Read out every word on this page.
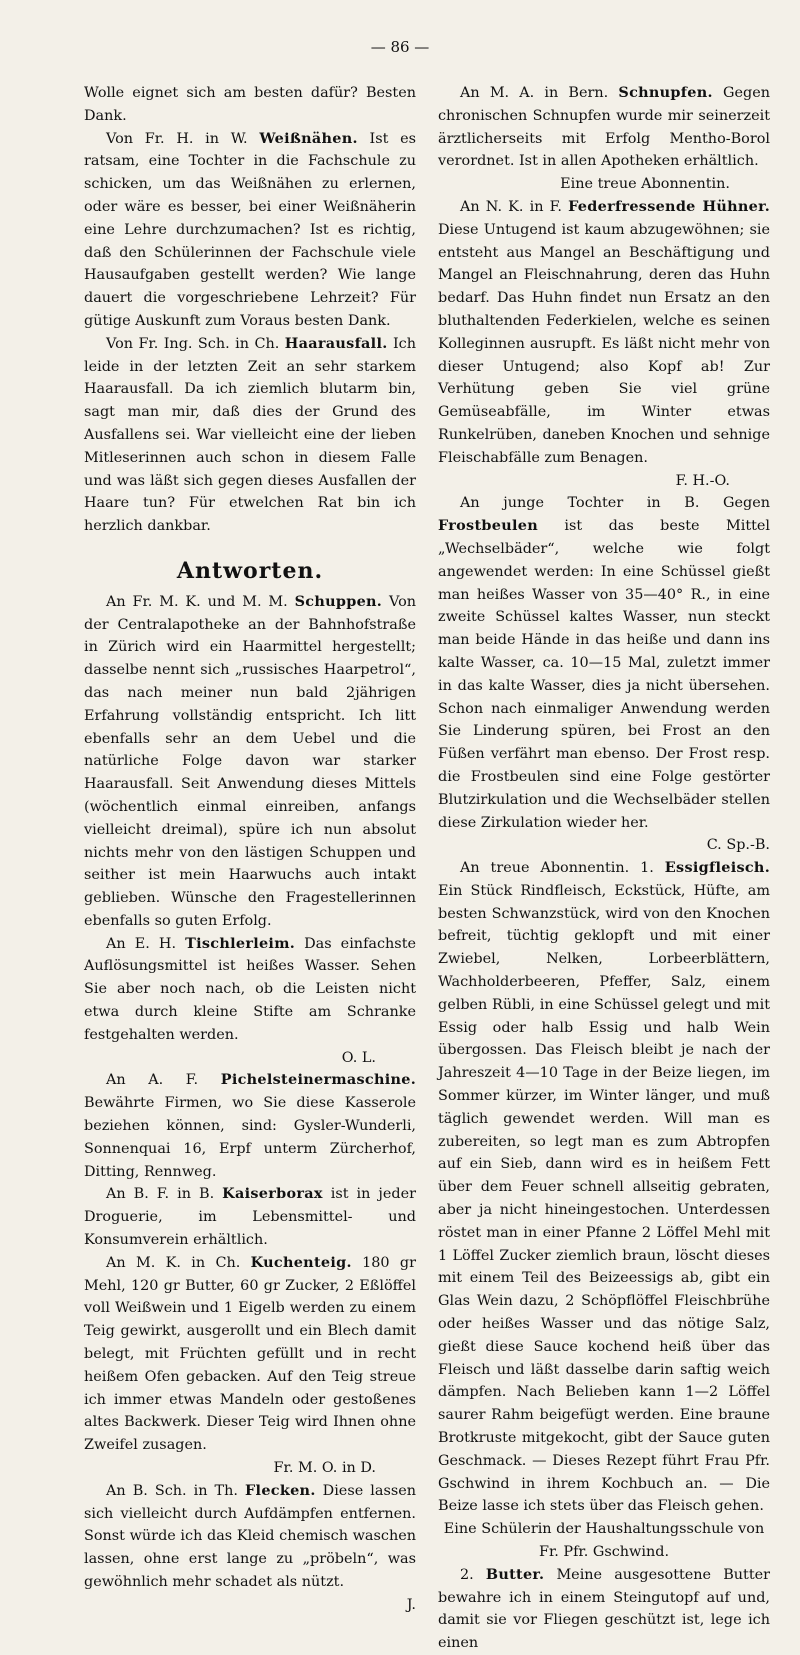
— 86 —

Wolle eignet sich am besten dafür? Besten Dank.

Von Fr. H. in W. Weißnähen. Ist es ratsam, eine Tochter in die Fachschule zu schicken, um das Weißnähen zu erlernen, oder wäre es besser, bei einer Weißnäherin eine Lehre durchzumachen? Ist es richtig, daß den Schülerinnen der Fachschule viele Hausaufgaben gestellt werden? Wie lange dauert die vorgeschriebene Lehrzeit? Für gütige Auskunft zum Voraus besten Dank.

Von Fr. Ing. Sch. in Ch. Haarausfall. Ich leide in der letzten Zeit an sehr starkem Haarausfall. Da ich ziemlich blutarm bin, sagt man mir, daß dies der Grund des Ausfallens sei. War vielleicht eine der lieben Mitleserinnen auch schon in diesem Falle und was läßt sich gegen dieses Ausfallen der Haare tun? Für etwelchen Rat bin ich herzlich dankbar.

Antworten.

An Fr. M. K. und M. M. Schuppen. Von der Centralapotheke an der Bahnhofstraße in Zürich wird ein Haarmittel hergestellt; dasselbe nennt sich „russisches Haarpetrol“, das nach meiner nun bald 2jährigen Erfahrung vollständig entspricht. Ich litt ebenfalls sehr an dem Uebel und die natürliche Folge davon war starker Haarausfall. Seit Anwendung dieses Mittels (wöchentlich einmal einreiben, anfangs vielleicht dreimal), spüre ich nun absolut nichts mehr von den lästigen Schuppen und seither ist mein Haarwuchs auch intakt geblieben. Wünsche den Fragestellerinnen ebenfalls so guten Erfolg.

An E. H. Tischlerleim. Das einfachste Auflösungsmittel ist heißes Wasser. Sehen Sie aber noch nach, ob die Leisten nicht etwa durch kleine Stifte am Schranke festgehalten werden.

O. L.

An A. F. Pichelsteinermaschine. Bewährte Firmen, wo Sie diese Kasserole beziehen können, sind: Gysler-Wunderli, Sonnenquai 16, Erpf unterm Zürcherhof, Ditting, Rennweg.

An B. F. in B. Kaiserborax ist in jeder Droguerie, im Lebensmittel- und Konsumverein erhältlich.

An M. K. in Ch. Kuchenteig. 180 gr Mehl, 120 gr Butter, 60 gr Zucker, 2 Eßlöffel voll Weißwein und 1 Eigelb werden zu einem Teig gewirkt, ausgerollt und ein Blech damit belegt, mit Früchten gefüllt und in recht heißem Ofen gebacken. Auf den Teig streue ich immer etwas Mandeln oder gestoßenes altes Backwerk. Dieser Teig wird Ihnen ohne Zweifel zusagen.

Fr. M. O. in D.

An B. Sch. in Th. Flecken. Diese lassen sich vielleicht durch Aufdämpfen entfernen. Sonst würde ich das Kleid chemisch waschen lassen, ohne erst lange zu „pröbeln“, was gewöhnlich mehr schadet als nützt.

J.

An M. A. in Bern. Schnupfen. Gegen chronischen Schnupfen wurde mir seinerzeit ärztlicherseits mit Erfolg Mentho-Borol verordnet. Ist in allen Apotheken erhältlich.

Eine treue Abonnentin.

An N. K. in F. Federfressende Hühner. Diese Untugend ist kaum abzugewöhnen; sie entsteht aus Mangel an Beschäftigung und Mangel an Fleischnahrung, deren das Huhn bedarf. Das Huhn findet nun Ersatz an den bluthaltenden Federkielen, welche es seinen Kolleginnen ausrupft. Es läßt nicht mehr von dieser Untugend; also Kopf ab! Zur Verhütung geben Sie viel grüne Gemüseabfälle, im Winter etwas Runkelrüben, daneben Knochen und sehnige Fleischabfälle zum Benagen.

F. H.-O.

An junge Tochter in B. Gegen Frostbeulen ist das beste Mittel „Wechselbäder“, welche wie folgt angewendet werden: In eine Schüssel gießt man heißes Wasser von 35—40° R., in eine zweite Schüssel kaltes Wasser, nun steckt man beide Hände in das heiße und dann ins kalte Wasser, ca. 10—15 Mal, zuletzt immer in das kalte Wasser, dies ja nicht übersehen. Schon nach einmaliger Anwendung werden Sie Linderung spüren, bei Frost an den Füßen verfährt man ebenso. Der Frost resp. die Frostbeulen sind eine Folge gestörter Blutzirkulation und die Wechselbäder stellen diese Zirkulation wieder her.

C. Sp.-B.

An treue Abonnentin. 1. Essigfleisch. Ein Stück Rindfleisch, Eckstück, Hüfte, am besten Schwanzstück, wird von den Knochen befreit, tüchtig geklopft und mit einer Zwiebel, Nelken, Lorbeerblättern, Wachholderbeeren, Pfeffer, Salz, einem gelben Rübli, in eine Schüssel gelegt und mit Essig oder halb Essig und halb Wein übergossen. Das Fleisch bleibt je nach der Jahreszeit 4—10 Tage in der Beize liegen, im Sommer kürzer, im Winter länger, und muß täglich gewendet werden. Will man es zubereiten, so legt man es zum Abtropfen auf ein Sieb, dann wird es in heißem Fett über dem Feuer schnell allseitig gebraten, aber ja nicht hineingestochen. Unterdessen röstet man in einer Pfanne 2 Löffel Mehl mit 1 Löffel Zucker ziemlich braun, löscht dieses mit einem Teil des Beizeessigs ab, gibt ein Glas Wein dazu, 2 Schöpflöffel Fleischbrühe oder heißes Wasser und das nötige Salz, gießt diese Sauce kochend heiß über das Fleisch und läßt dasselbe darin saftig weich dämpfen. Nach Belieben kann 1—2 Löffel saurer Rahm beigefügt werden. Eine braune Brotkruste mitgekocht, gibt der Sauce guten Geschmack. — Dieses Rezept führt Frau Pfr. Gschwind in ihrem Kochbuch an. — Die Beize lasse ich stets über das Fleisch gehen.

Eine Schülerin der Haushaltungsschule von Fr. Pfr. Gschwind.

2. Butter. Meine ausgesottene Butter bewahre ich in einem Steingutopf auf und, damit sie vor Fliegen geschützt ist, lege ich einen
